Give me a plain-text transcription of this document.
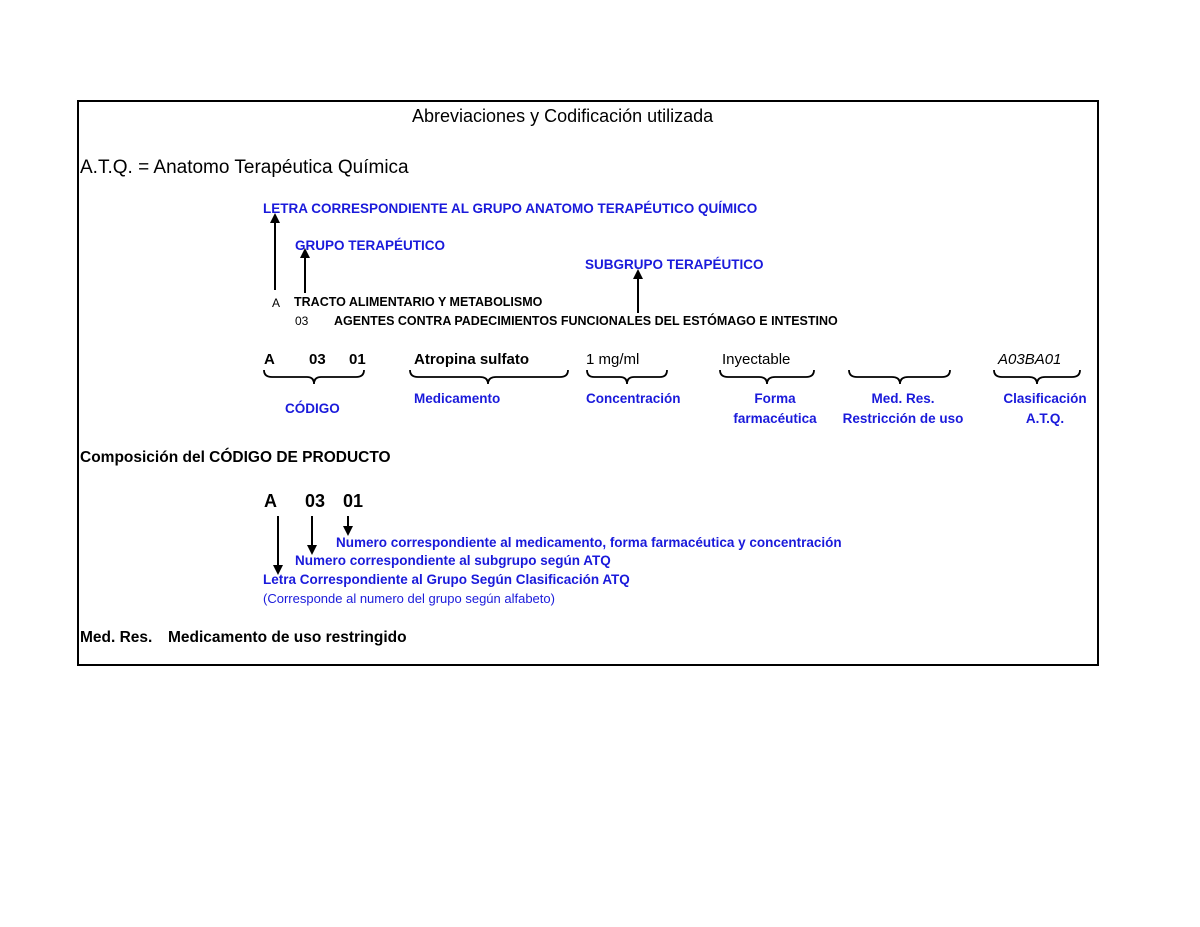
Abreviaciones y Codificación utilizada
A.T.Q. = Anatomo Terapéutica Química
LETRA CORRESPONDIENTE AL GRUPO ANATOMO TERAPÉUTICO QUÍMICO
GRUPO TERAPÉUTICO
SUBGRUPO TERAPÉUTICO
A TRACTO ALIMENTARIO Y METABOLISMO
03 AGENTES CONTRA PADECIMIENTOS FUNCIONALES DEL ESTÓMAGO E INTESTINO
A 03 01	Atropina sulfato	1 mg/ml	Inyectable	A03BA01
CÓDIGO
Medicamento	Concentración	Forma
farmacéutica
Med. Res.
Restricción de uso
Clasificación
A.T.Q.
Composición del CÓDIGO DE PRODUCTO
A 03 01
Numero correspondiente al medicamento, forma farmacéutica y concentración
Numero correspondiente al subgrupo según ATQ
Letra Correspondiente al Grupo Según Clasificación ATQ
(Corresponde al numero del grupo según alfabeto)
Med. Res. Medicamento de uso restringido
